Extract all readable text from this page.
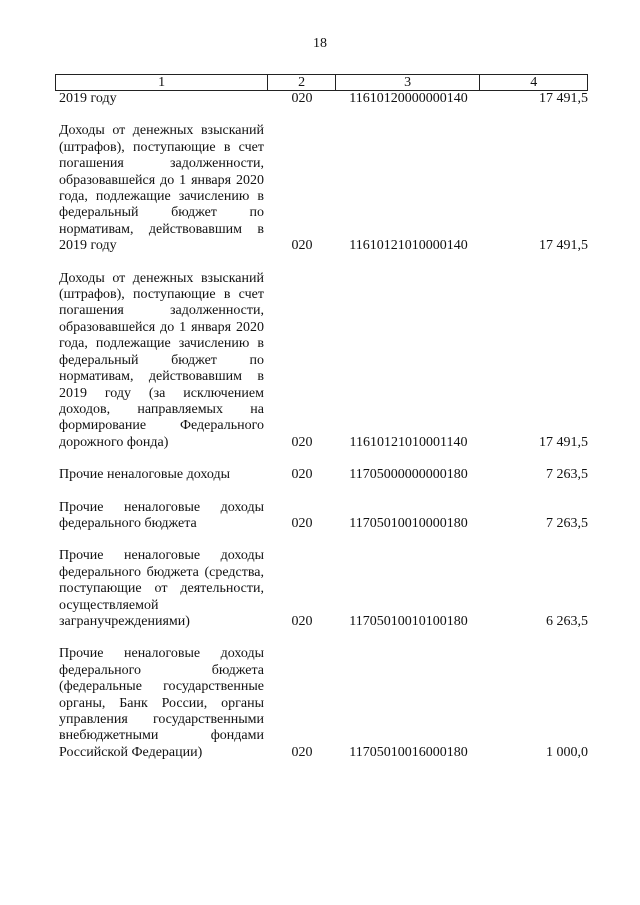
18
1	2	3	4
2019 году	020	11610120000000140	17 491,5
Доходы от денежных взысканий (штрафов), поступающие в счет погашения задолженности, образовавшейся до 1 января 2020 года, подлежащие зачислению в федеральный бюджет по нормативам, действовавшим в 2019 году	020	11610121010000140	17 491,5
Доходы от денежных взысканий (штрафов), поступающие в счет погашения задолженности, образовавшейся до 1 января 2020 года, подлежащие зачислению в федеральный бюджет по нормативам, действовавшим в 2019 году (за исключением доходов, направляемых на формирование Федерального дорожного фонда)	020	11610121010001140	17 491,5
Прочие неналоговые доходы	020	11705000000000180	7 263,5
Прочие неналоговые доходы федерального бюджета	020	11705010010000180	7 263,5
Прочие неналоговые доходы федерального бюджета (средства, поступающие от деятельности, осуществляемой загранучреждениями)	020	11705010010100180	6 263,5
Прочие неналоговые доходы федерального бюджета (федеральные государственные органы, Банк России, органы управления государственными внебюджетными фондами Российской Федерации)	020	11705010016000180	1 000,0
